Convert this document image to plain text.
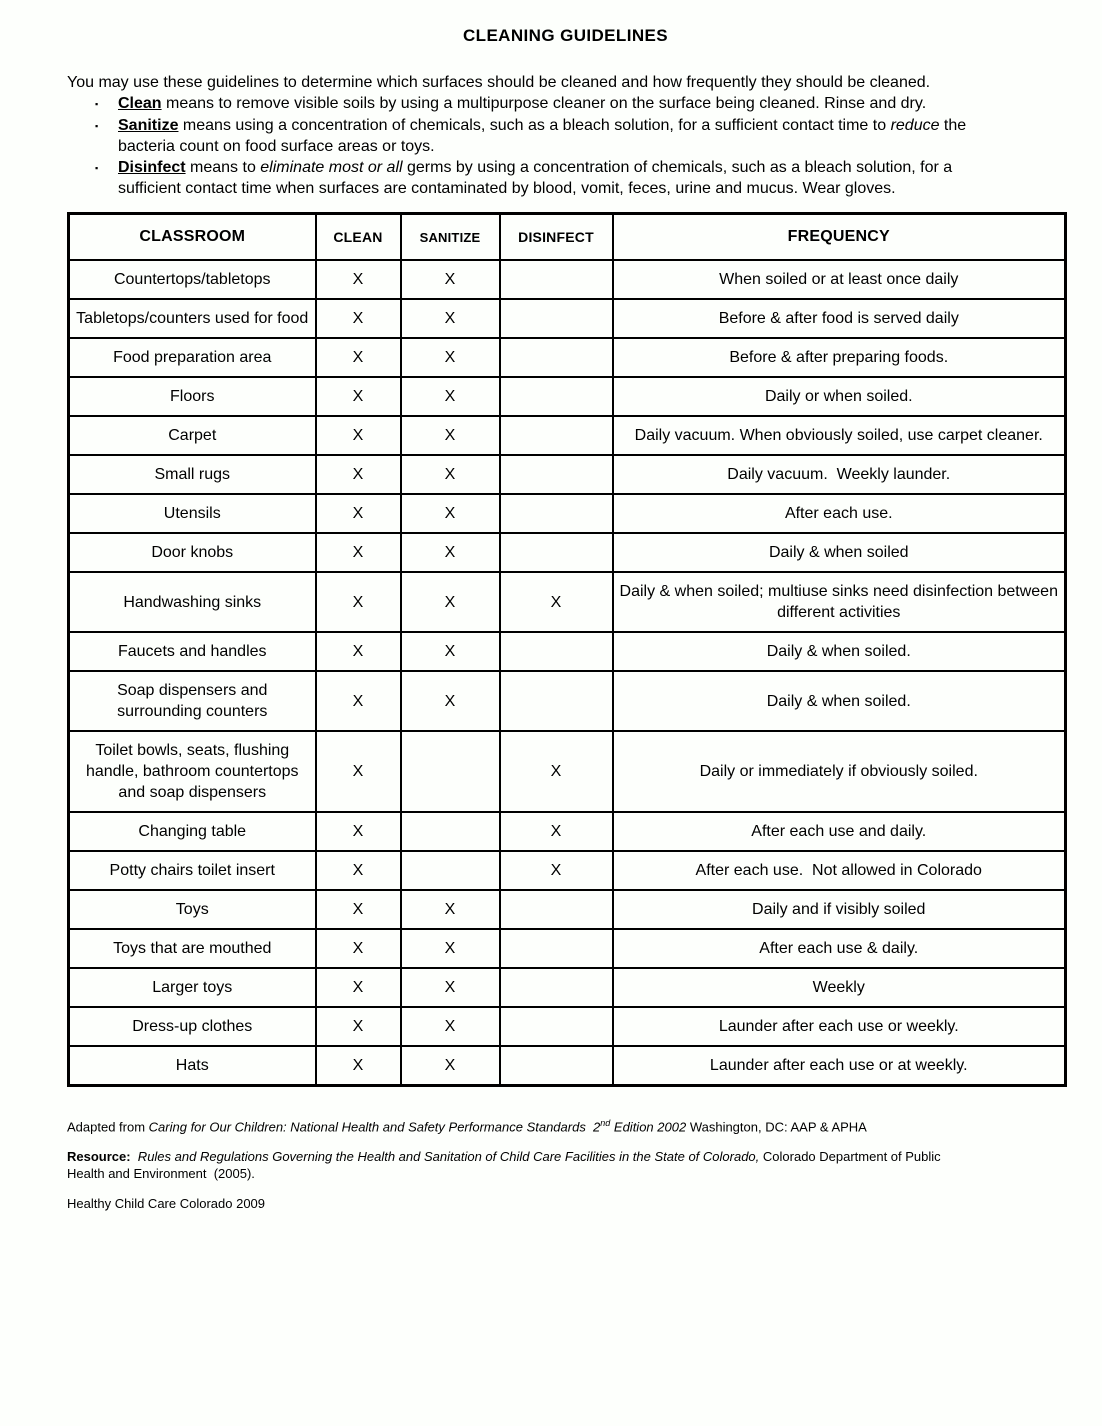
CLEANING GUIDELINES

You may use these guidelines to determine which surfaces should be cleaned and how frequently they should be cleaned.

▪	Clean means to remove visible soils by using a multipurpose cleaner on the surface being cleaned. Rinse and dry.
▪	Sanitize means using a concentration of chemicals, such as a bleach solution, for a sufficient contact time to reduce the bacteria count on food surface areas or toys.
▪	Disinfect means to eliminate most or all germs by using a concentration of chemicals, such as a bleach solution, for a sufficient contact time when surfaces are contaminated by blood, vomit, feces, urine and mucus. Wear gloves.
CLASSROOM	CLEAN	SANITIZE	DISINFECT	FREQUENCY
Countertops/tabletops	X	X		When soiled or at least once daily
Tabletops/counters used for food	X	X		Before & after food is served daily
Food preparation area	X	X		Before & after preparing foods.
Floors	X	X		Daily or when soiled.
Carpet	X	X		Daily vacuum. When obviously soiled, use carpet cleaner.
Small rugs	X	X		Daily vacuum.  Weekly launder.
Utensils	X	X		After each use.
Door knobs	X	X		Daily & when soiled
Handwashing sinks	X	X	X	Daily & when soiled; multiuse sinks need disinfection between different activities
Faucets and handles	X	X		Daily & when soiled.
Soap dispensers and surrounding counters	X	X		Daily & when soiled.
Toilet bowls, seats, flushing handle, bathroom countertops and soap dispensers	X		X	Daily or immediately if obviously soiled.
Changing table	X		X	After each use and daily.
Potty chairs toilet insert	X		X	After each use.  Not allowed in Colorado
Toys	X	X		Daily and if visibly soiled
Toys that are mouthed	X	X		After each use & daily.
Larger toys	X	X		Weekly
Dress-up clothes	X	X		Launder after each use or weekly.
Hats	X	X		Launder after each use or at weekly.

Adapted from Caring for Our Children: National Health and Safety Performance Standards  2nd Edition 2002 Washington, DC: AAP & APHA

Resource:  Rules and Regulations Governing the Health and Sanitation of Child Care Facilities in the State of Colorado, Colorado Department of Public Health and Environment  (2005).

Healthy Child Care Colorado 2009
